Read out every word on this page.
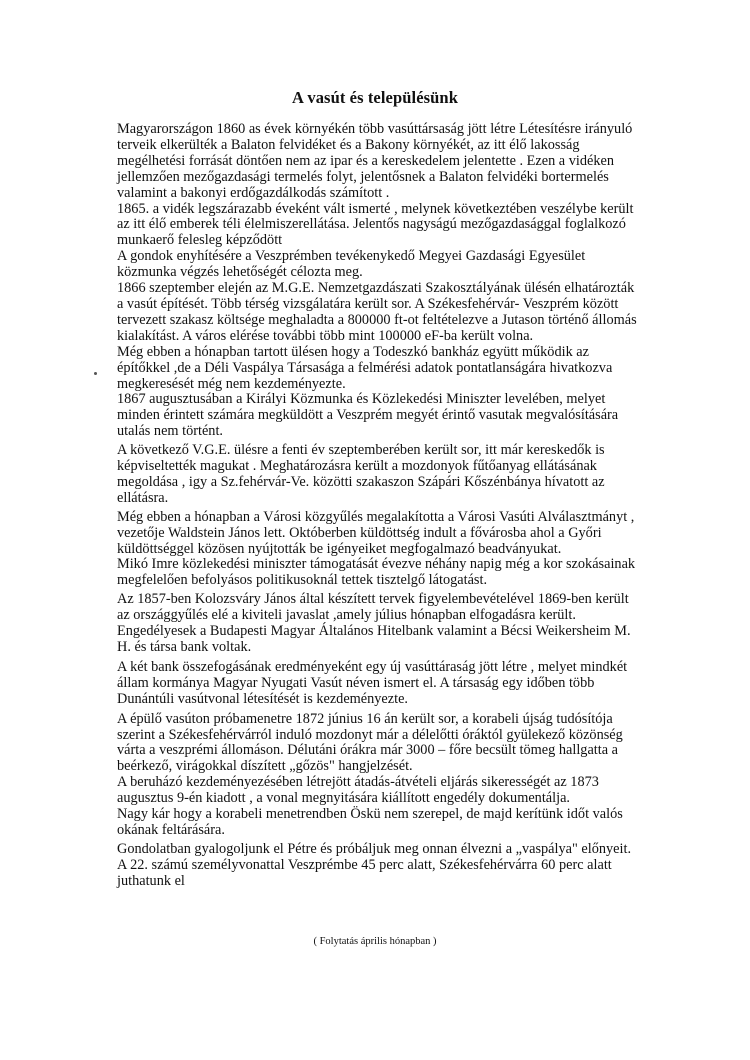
A vasút és településünk

Magyarországon 1860 as évek környékén több vasúttársaság jött létre Létesítésre irányuló terveik elkerülték a Balaton felvidéket és a Bakony környékét, az itt élő lakosság megélhetési forrását döntően nem az ipar és a kereskedelem jelentette . Ezen a vidéken jellemzően mezőgazdasági termelés folyt, jelentősnek a Balaton felvidéki bortermelés valamint a bakonyi erdőgazdálkodás számított .

1865. a vidék legszárazabb éveként vált ismerté , melynek következtében veszélybe került az itt élő emberek téli élelmiszerellátása. Jelentős nagyságú mezőgazdasággal foglalkozó munkaerő felesleg képződött

A gondok enyhítésére a Veszprémben tevékenykedő Megyei Gazdasági Egyesület közmunka végzés lehetőségét célozta meg.

1866 szeptember elején az M.G.E. Nemzetgazdászati Szakosztályának ülésén elhatározták a vasút építését. Több térség vizsgálatára került sor. A Székesfehérvár- Veszprém között tervezett szakasz költsége meghaladta a 800000 ft-ot feltételezve a Jutason történő állomás kialakítást. A város elérése további több mint 100000 eF-ba került volna.

Még ebben a hónapban tartott ülésen hogy a Todeszkó bankház együtt működik az építőkkel ,de a Déli Vaspálya Társasága a felmérési adatok pontatlanságára hivatkozva megkeresését még nem kezdeményezte.

1867 augusztusában a Királyi Közmunka és Közlekedési Miniszter levelében, melyet minden érintett számára megküldött a Veszprém megyét érintő vasutak megvalósítására utalás nem történt.

A következő V.G.E. ülésre a fenti év szeptemberében került sor, itt már kereskedők is képviseltették magukat . Meghatározásra került a mozdonyok fűtőanyag ellátásának megoldása , igy a Sz.fehérvár-Ve. közötti szakaszon Szápári Kőszénbánya hívatott az ellátásra.

Még ebben a hónapban a Városi közgyűlés megalakította a Városi Vasúti Alválasztmányt , vezetője Waldstein János lett. Októberben küldöttség indult a fővárosba ahol a Győri küldöttséggel közösen nyújtották be igényeiket megfogalmazó beadványukat.

Mikó Imre közlekedési miniszter támogatását évezve néhány napig még a kor szokásainak megfelelően befolyásos politikusoknál tettek tisztelgő látogatást.

Az 1857-ben Kolozsváry János által készített tervek figyelembevételével 1869-ben került az országgyűlés elé a kiviteli javaslat ,amely július hónapban elfogadásra került. Engedélyesek a Budapesti Magyar Általános Hitelbank valamint a Bécsi Weikersheim M. H. és társa bank voltak.

A két bank összefogásának eredményeként egy új vasúttáraság jött létre , melyet mindkét állam kormánya Magyar Nyugati Vasút néven ismert el. A társaság egy időben több Dunántúli vasútvonal létesítését is kezdeményezte.

A épülő vasúton próbamenetre 1872 június 16 án került sor, a korabeli újság tudósítója szerint a Székesfehérvárról induló mozdonyt már a délelőtti óráktól gyülekező közönség várta a veszprémi állomáson. Délutáni órákra már 3000 – főre becsült tömeg hallgatta a beérkező, virágokkal díszített „gőzös" hangjelzését.

A beruházó kezdeményezésében létrejött átadás-átvételi eljárás sikerességét az 1873 augusztus 9-én kiadott , a vonal megnyitására kiállított engedély dokumentálja.

Nagy kár hogy a korabeli menetrendben Öskü nem szerepel, de majd kerítünk időt valós okának feltárására.

Gondolatban gyalogoljunk el Pétre és próbáljuk meg onnan élvezni a „vaspálya" előnyeit.

A 22. számú személyvonattal Veszprémbe 45 perc alatt, Székesfehérvárra 60 perc alatt juthatunk el

( Folytatás április hónapban )
